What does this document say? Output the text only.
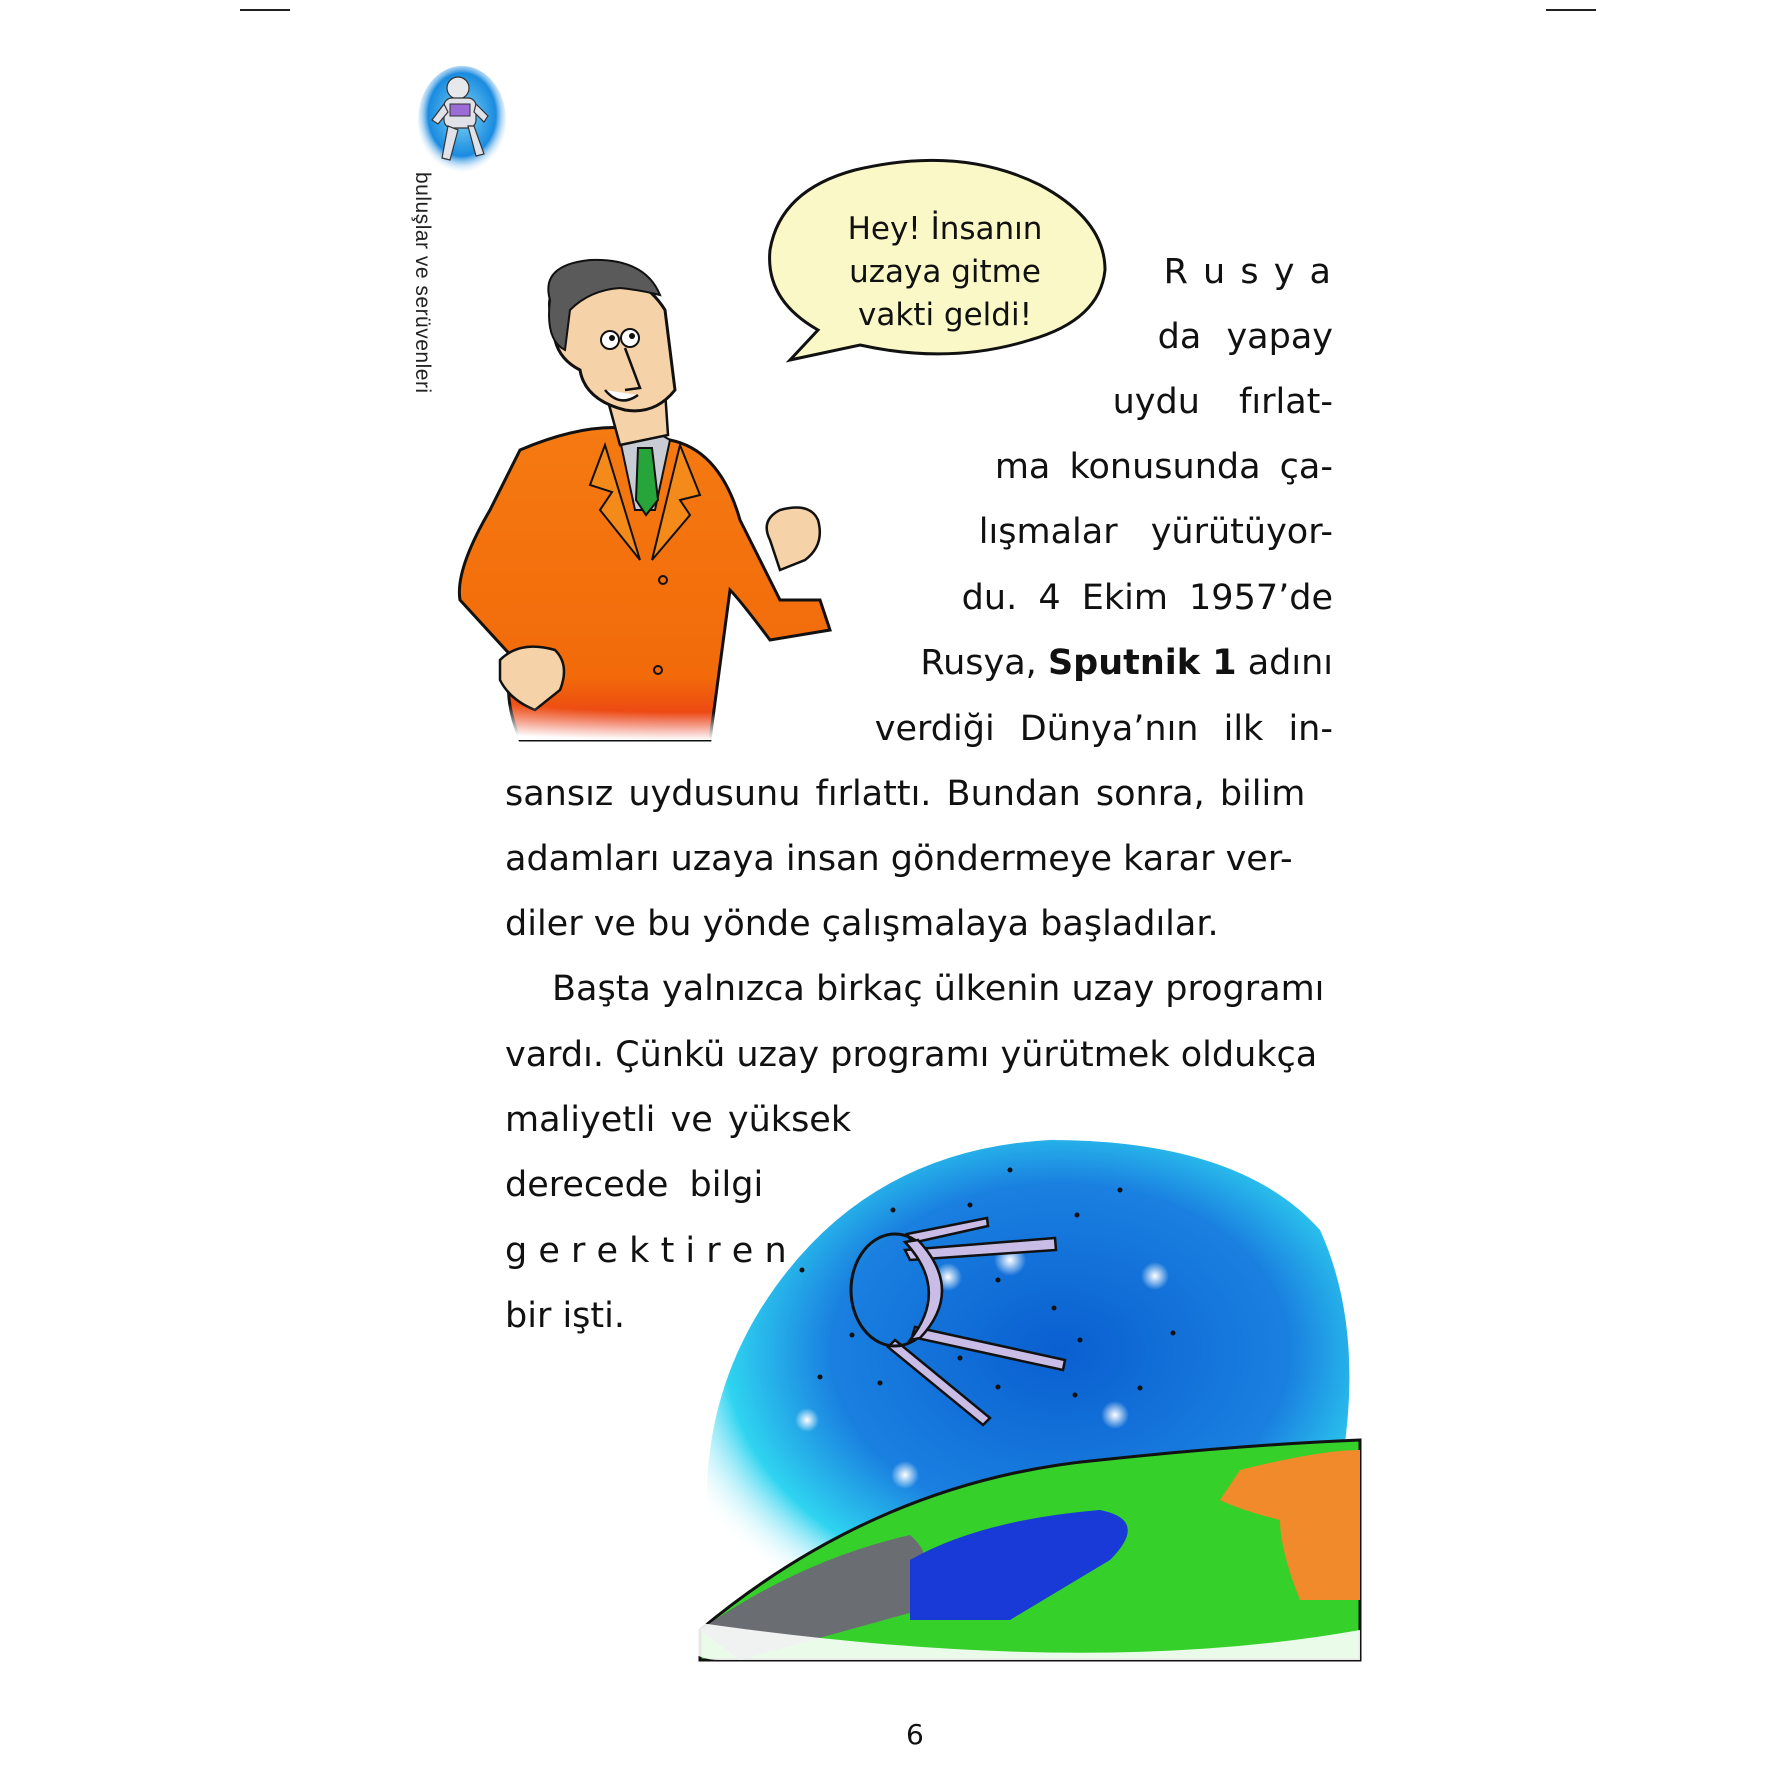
buluşlar ve serüvenleri	Hey! İnsanın
uzaya gitme
vakti geldi!
R u s y a
da yapay
uydu fırlat-
ma konusunda ça-
lışmalar yürütüyor-
du. 4 Ekim 1957’de
Rusya, Sputnik 1 adını
verdiği Dünya’nın ilk in-
sansız uydusunu fırlattı. Bundan sonra, bilim
adamları uzaya insan göndermeye karar ver-
diler ve bu yönde çalışmalaya başladılar.
Başta yalnızca birkaç ülkenin uzay programı
vardı. Çünkü uzay programı yürütmek oldukça
maliyetli ve yüksek
derecede bilgi
g e r e k t i r e n
bir işti.
6
